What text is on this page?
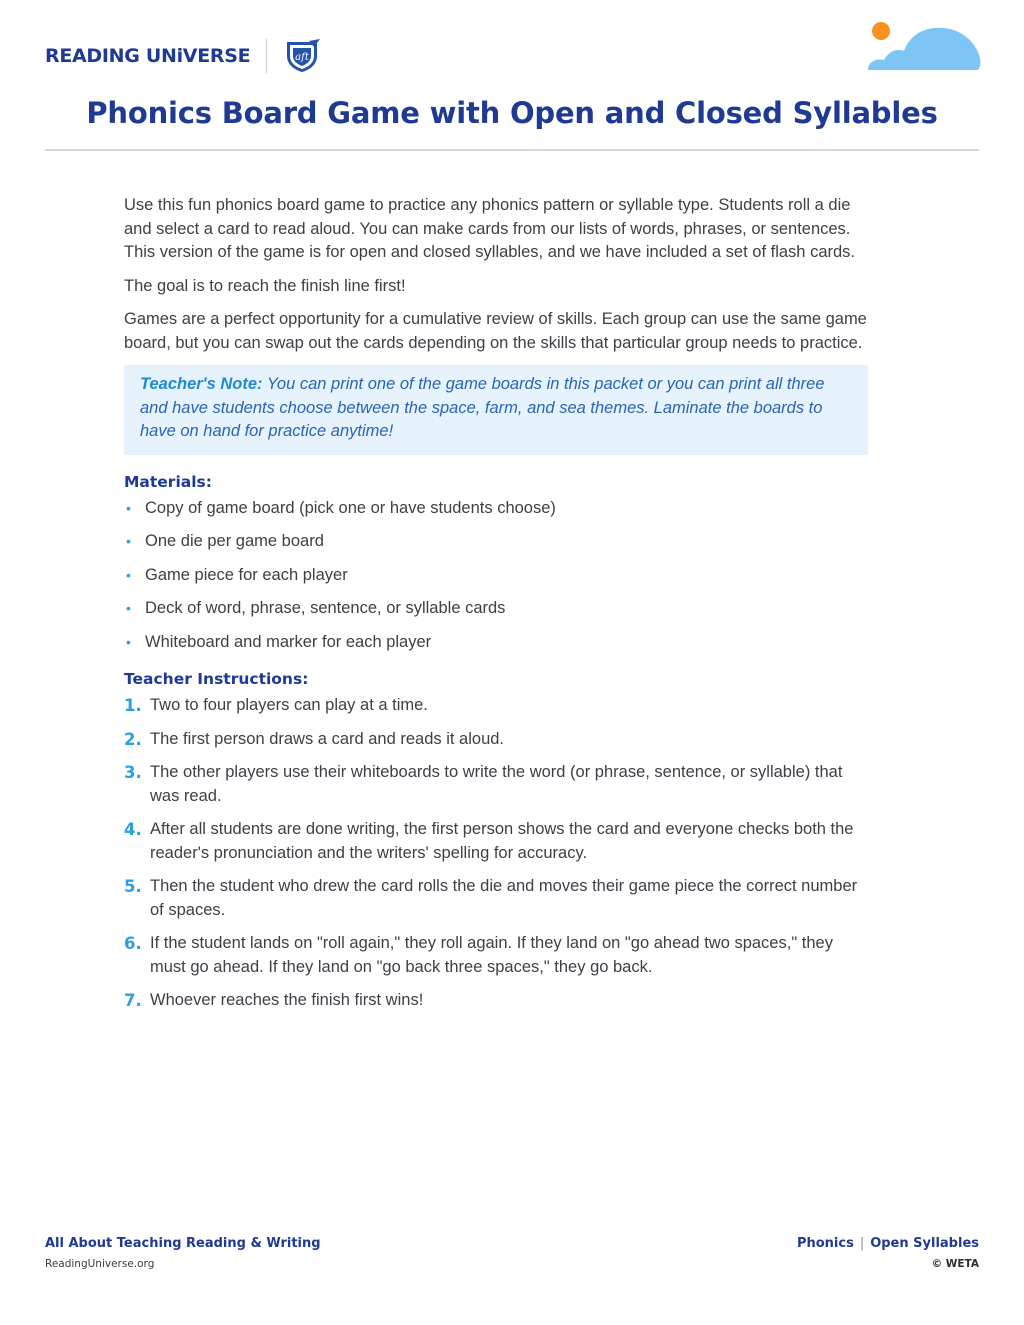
READING UNiVERSE	aft
Phonics Board Game with Open and Closed Syllables

Use this fun phonics board game to practice any phonics pattern or syllable type. Students roll a die and select a card to read aloud. You can make cards from our lists of words, phrases, or sentences. This version of the game is for open and closed syllables, and we have included a set of flash cards.

The goal is to reach the finish line first!

Games are a perfect opportunity for a cumulative review of skills. Each group can use the same game board, but you can swap out the cards depending on the skills that particular group needs to practice.

Teacher's Note: You can print one of the game boards in this packet or you can print all three and have students choose between the space, farm, and sea themes. Laminate the boards to have on hand for practice anytime!
Materials:
• Copy of game board (pick one or have students choose)
• One die per game board
• Game piece for each player
• Deck of word, phrase, sentence, or syllable cards
• Whiteboard and marker for each player
Teacher Instructions:
1. Two to four players can play at a time.
2. The first person draws a card and reads it aloud.
3. The other players use their whiteboards to write the word (or phrase, sentence, or syllable) that was read.
4. After all students are done writing, the first person shows the card and everyone checks both the reader's pronunciation and the writers' spelling for accuracy.
5. Then the student who drew the card rolls the die and moves their game piece the correct number of spaces.
6. If the student lands on "roll again," they roll again. If they land on "go ahead two spaces," they must go ahead. If they land on "go back three spaces," they go back.
7. Whoever reaches the finish first wins!
All About Teaching Reading & Writing
ReadingUniverse.org
Phonics | Open Syllables
© WETA
